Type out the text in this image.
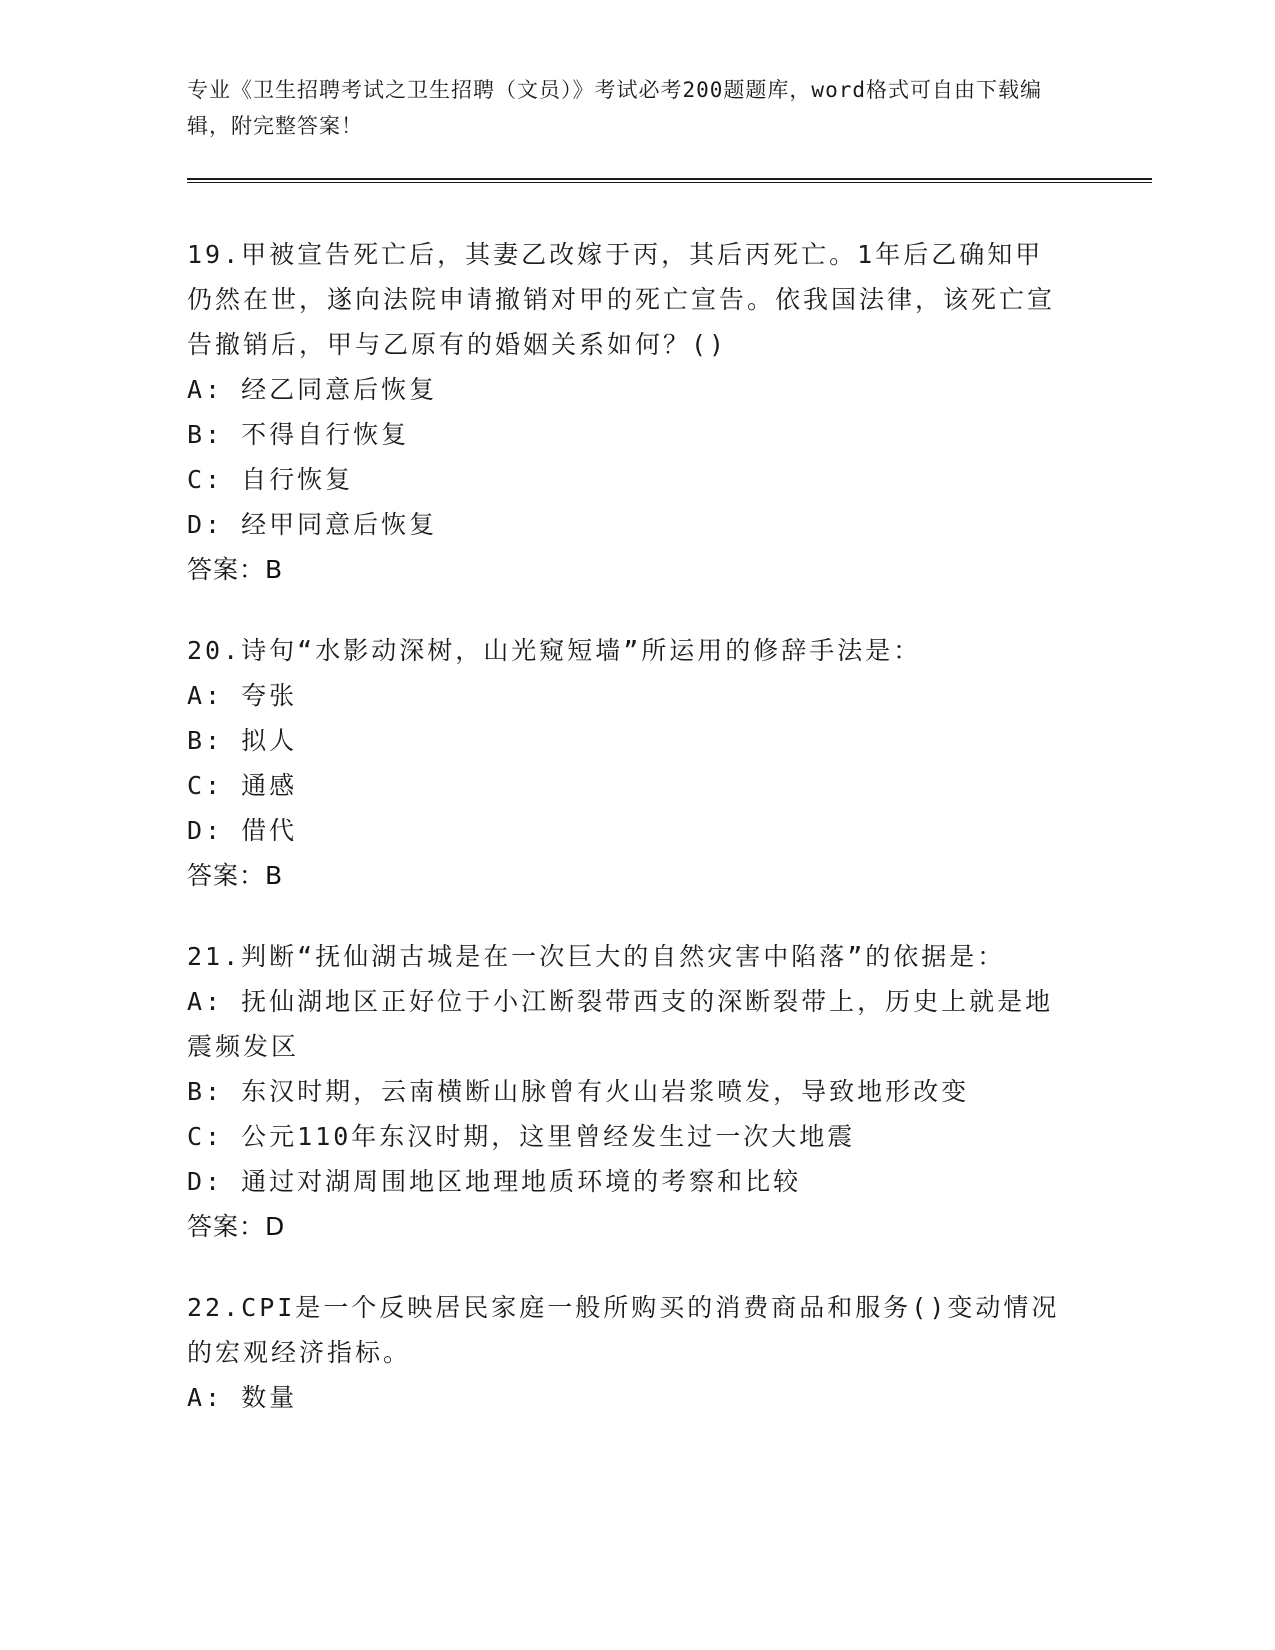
专业《卫生招聘考试之卫生招聘（文员）》考试必考200题题库，word格式可自由下载编辑，附完整答案！
19.甲被宣告死亡后，其妻乙改嫁于丙，其后丙死亡。1年后乙确知甲仍然在世，遂向法院申请撤销对甲的死亡宣告。依我国法律，该死亡宣告撤销后，甲与乙原有的婚姻关系如何？()
A: 经乙同意后恢复
B: 不得自行恢复
C: 自行恢复
D: 经甲同意后恢复
答案：B
20.诗句“水影动深树，山光窥短墙”所运用的修辞手法是：
A: 夸张
B: 拟人
C: 通感
D: 借代
答案：B
21.判断“抚仙湖古城是在一次巨大的自然灾害中陷落”的依据是：
A: 抚仙湖地区正好位于小江断裂带西支的深断裂带上，历史上就是地震频发区
B: 东汉时期，云南横断山脉曾有火山岩浆喷发，导致地形改变
C: 公元110年东汉时期，这里曾经发生过一次大地震
D: 通过对湖周围地区地理地质环境的考察和比较
答案：D
22.CPI是一个反映居民家庭一般所购买的消费商品和服务()变动情况的宏观经济指标。
A: 数量
